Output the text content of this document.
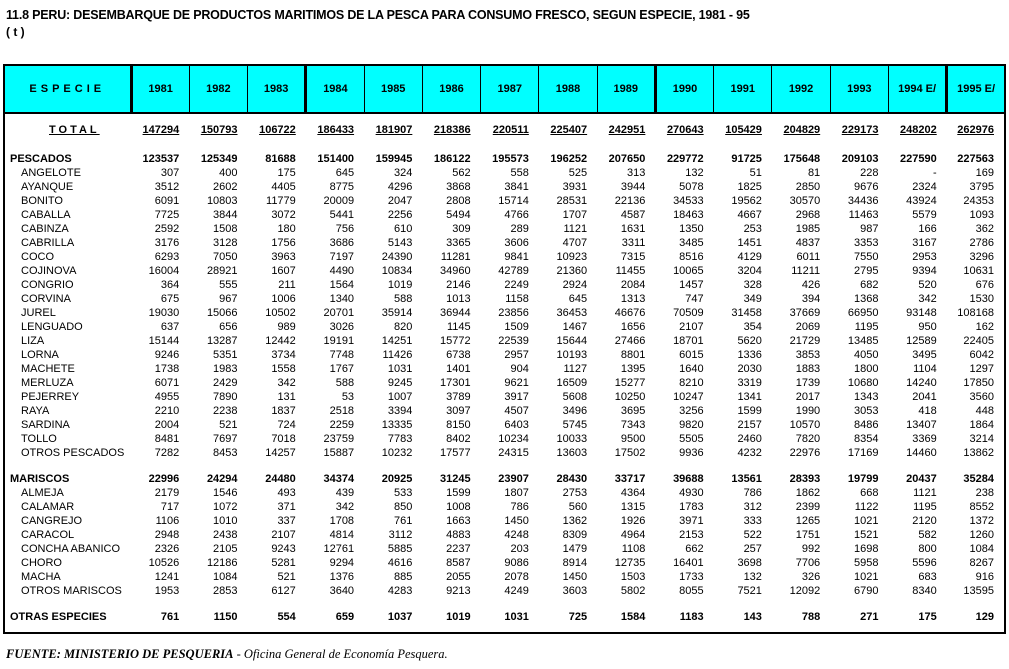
11.8 PERU: DESEMBARQUE DE PRODUCTOS MARITIMOS DE LA PESCA PARA CONSUMO FRESCO, SEGUN ESPECIE, 1981 - 95
( t )
ESPECIE	1981	1982	1983	1984	1985	1986	1987	1988	1989	1990	1991	1992	1993	1994 E/	1995 E/
TOTAL	147294	150793	106722	186433	181907	218386	220511	225407	242951	270643	105429	204829	229173	248202	262976

PESCADOS	123537	125349	81688	151400	159945	186122	195573	196252	207650	229772	91725	175648	209103	227590	227563
ANGELOTE	307	400	175	645	324	562	558	525	313	132	51	81	228	-	169
AYANQUE	3512	2602	4405	8775	4296	3868	3841	3931	3944	5078	1825	2850	9676	2324	3795
BONITO	6091	10803	11779	20009	2047	2808	15714	28531	22136	34533	19562	30570	34436	43924	24353
CABALLA	7725	3844	3072	5441	2256	5494	4766	1707	4587	18463	4667	2968	11463	5579	1093
CABINZA	2592	1508	180	756	610	309	289	1121	1631	1350	253	1985	987	166	362
CABRILLA	3176	3128	1756	3686	5143	3365	3606	4707	3311	3485	1451	4837	3353	3167	2786
COCO	6293	7050	3963	7197	24390	11281	9841	10923	7315	8516	4129	6011	7550	2953	3296
COJINOVA	16004	28921	1607	4490	10834	34960	42789	21360	11455	10065	3204	11211	2795	9394	10631
CONGRIO	364	555	211	1564	1019	2146	2249	2924	2084	1457	328	426	682	520	676
CORVINA	675	967	1006	1340	588	1013	1158	645	1313	747	349	394	1368	342	1530
JUREL	19030	15066	10502	20701	35914	36944	23856	36453	46676	70509	31458	37669	66950	93148	108168
LENGUADO	637	656	989	3026	820	1145	1509	1467	1656	2107	354	2069	1195	950	162
LIZA	15144	13287	12442	19191	14251	15772	22539	15644	27466	18701	5620	21729	13485	12589	22405
LORNA	9246	5351	3734	7748	11426	6738	2957	10193	8801	6015	1336	3853	4050	3495	6042
MACHETE	1738	1983	1558	1767	1031	1401	904	1127	1395	1640	2030	1883	1800	1104	1297
MERLUZA	6071	2429	342	588	9245	17301	9621	16509	15277	8210	3319	1739	10680	14240	17850
PEJERREY	4955	7890	131	53	1007	3789	3917	5608	10250	10247	1341	2017	1343	2041	3560
RAYA	2210	2238	1837	2518	3394	3097	4507	3496	3695	3256	1599	1990	3053	418	448
SARDINA	2004	521	724	2259	13335	8150	6403	5745	7343	9820	2157	10570	8486	13407	1864
TOLLO	8481	7697	7018	23759	7783	8402	10234	10033	9500	5505	2460	7820	8354	3369	3214
OTROS PESCADOS	7282	8453	14257	15887	10232	17577	24315	13603	17502	9936	4232	22976	17169	14460	13862

MARISCOS	22996	24294	24480	34374	20925	31245	23907	28430	33717	39688	13561	28393	19799	20437	35284
ALMEJA	2179	1546	493	439	533	1599	1807	2753	4364	4930	786	1862	668	1121	238
CALAMAR	717	1072	371	342	850	1008	786	560	1315	1783	312	2399	1122	1195	8552
CANGREJO	1106	1010	337	1708	761	1663	1450	1362	1926	3971	333	1265	1021	2120	1372
CARACOL	2948	2438	2107	4814	3112	4883	4248	8309	4964	2153	522	1751	1521	582	1260
CONCHA ABANICO	2326	2105	9243	12761	5885	2237	203	1479	1108	662	257	992	1698	800	1084
CHORO	10526	12186	5281	9294	4616	8587	9086	8914	12735	16401	3698	7706	5958	5596	8267
MACHA	1241	1084	521	1376	885	2055	2078	1450	1503	1733	132	326	1021	683	916
OTROS MARISCOS	1953	2853	6127	3640	4283	9213	4249	3603	5802	8055	7521	12092	6790	8340	13595

OTRAS ESPECIES	761	1150	554	659	1037	1019	1031	725	1584	1183	143	788	271	175	129
FUENTE: MINISTERIO DE PESQUERIA - Oficina General de Economía Pesquera.
